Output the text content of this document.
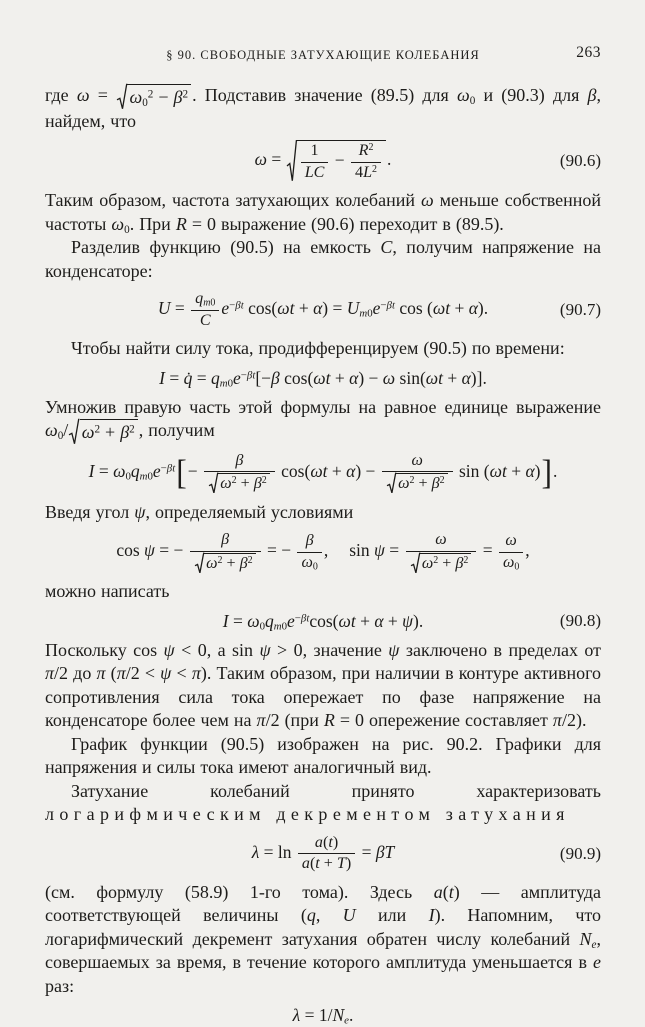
§ 90. СВОБОДНЫЕ ЗАТУХАЮЩИЕ КОЛЕБАНИЯ	263

где $\omega = \omega_0^2 - \beta^2$ . Подставив значение (89.5) для $\omega_0$ и (90.3) для β, найдем, что

$\omega = \frac{1}{LC} - \frac{R^2}{4L^2}$ .	(90.6)

Таким образом, частота затухающих колебаний ω меньше собственной частоты $\omega_0$. При R = 0 выражение (90.6) переходит в (89.5).

Разделив функцию (90.5) на емкость C, получим напряжение на конденсаторе:

$U = \frac{q_{m0}}{C} e^{-\beta t}$ $\cos(\omega t + \alpha) = U_{m0}e^{-\beta t}$ cos (ωt + α).	(90.7)

Чтобы найти силу тока, продифференцируем (90.5) по времени:

I = q̇ = $q_{m0}e^{-\beta t}[-\beta$ cos(ωt + α) − ω sin(ωt + α)].

Умножив правую часть этой формулы на равное единице выражение $\omega_0/$ $\omega^2 + \beta^2$ , получим

$I = \omega_0q_{m0}e^{-\beta t}[- \frac{\beta}{\omega^2 + \beta^2} \cos(\omega t + \alpha) - \frac{\omega}{\omega^2 + \beta^2}$ sin (ωt + α)].

Введя угол ψ, определяемый условиями

cos ψ = − $\frac{\beta}{\omega^2 + \beta^2}$ = − $\frac{\beta}{\omega_0}$ , $\sin \psi = \frac{\omega}{\omega^2 + \beta^2} = \frac{\omega}{\omega_0}$ ,

можно написать

$I = \omega_0q_{m0}e^{-\beta t}\cos(\omega t + \alpha + \psi)$.	(90.8)

Поскольку cos ψ < 0, а sin ψ > 0, значение ψ заключено в пределах от π/2 до π (π/2 < ψ < π). Таким образом, при наличии в контуре активного сопротивления сила тока опережает по фазе напряжение на конденсаторе более чем на π/2 (при R = 0 опережение составляет π/2).

График функции (90.5) изображен на рис. 90.2. Графики для напряжения и силы тока имеют аналогичный вид.

Затухание колебаний принято характеризовать логарифмическим декрементом затухания

$\lambda = \ln \frac{a(t)}{a(t + T)} = \beta T$	(90.9)

(см. формулу (58.9) 1-го тома). Здесь a(t) — амплитуда соответствующей величины (q, U или I). Напомним, что логарифмический декремент затухания обратен числу колебаний $N_e$, совершаемых за время, в течение которого амплитуда уменьшается в e раз:

$\lambda = 1/N_e$.
